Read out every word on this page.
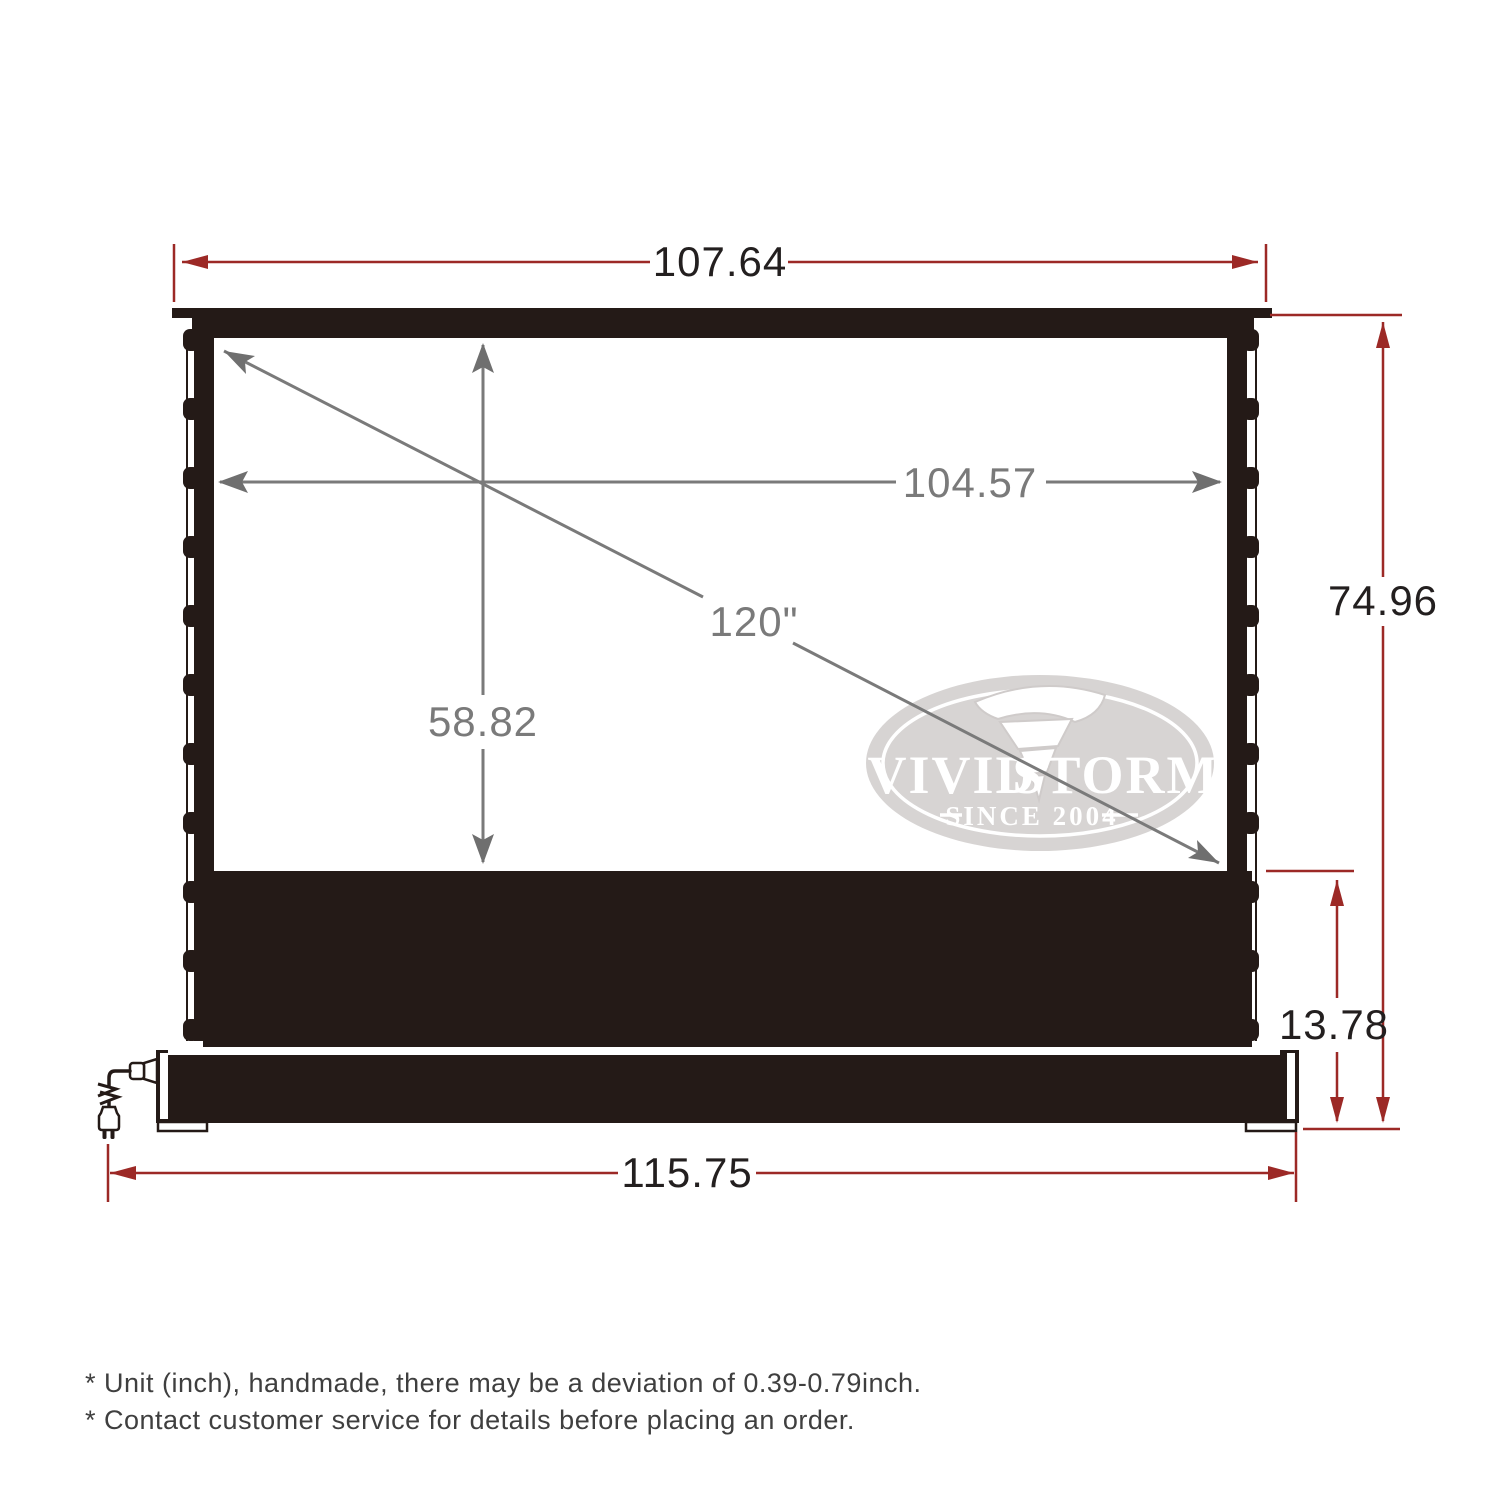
VIVID
STORM
SINCE 2004
107.64
104.57
58.82
120"	74.96
13.78
115.75
* Unit (inch), handmade, there may be a deviation of 0.39-0.79inch.
* Contact customer service for details before placing an order.
